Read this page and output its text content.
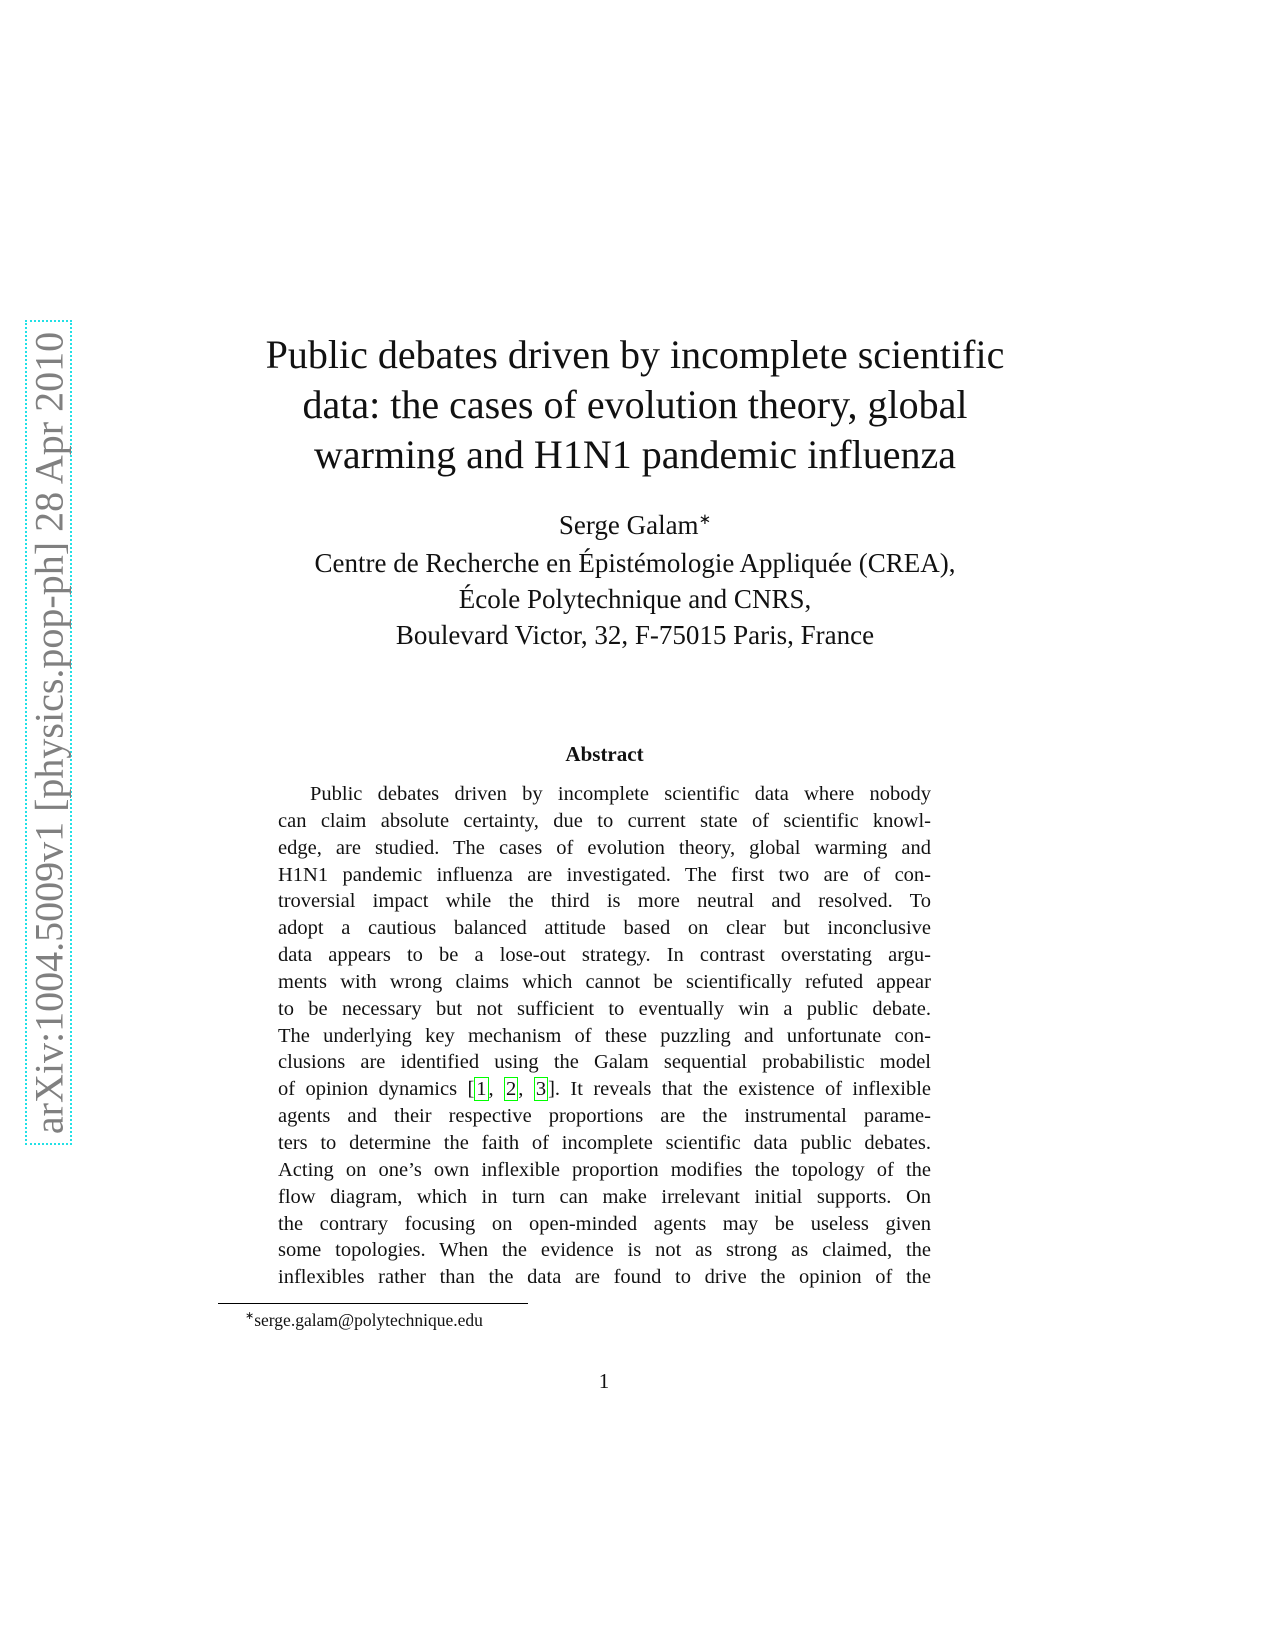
arXiv:1004.5009v1 [physics.pop-ph] 28 Apr 2010	Public debates driven by incomplete scientific
data: the cases of evolution theory, global
warming and H1N1 pandemic influenza
Serge Galam∗
Centre de Recherche en Épistémologie Appliquée (CREA),
École Polytechnique and CNRS,
Boulevard Victor, 32, F-75015 Paris, France
Abstract
Public debates driven by incomplete scientific data where nobody
can claim absolute certainty, due to current state of scientific knowl-
edge, are studied. The cases of evolution theory, global warming and
H1N1 pandemic influenza are investigated. The first two are of con-
troversial impact while the third is more neutral and resolved. To
adopt a cautious balanced attitude based on clear but inconclusive
data appears to be a lose-out strategy. In contrast overstating argu-
ments with wrong claims which cannot be scientifically refuted appear
to be necessary but not sufficient to eventually win a public debate.
The underlying key mechanism of these puzzling and unfortunate con-
clusions are identified using the Galam sequential probabilistic model
of opinion dynamics [1, 2, 3]. It reveals that the existence of inflexible
agents and their respective proportions are the instrumental parame-
ters to determine the faith of incomplete scientific data public debates.
Acting on one’s own inflexible proportion modifies the topology of the
flow diagram, which in turn can make irrelevant initial supports. On
the contrary focusing on open-minded agents may be useless given
some topologies. When the evidence is not as strong as claimed, the
inflexibles rather than the data are found to drive the opinion of the
∗serge.galam@polytechnique.edu
1
